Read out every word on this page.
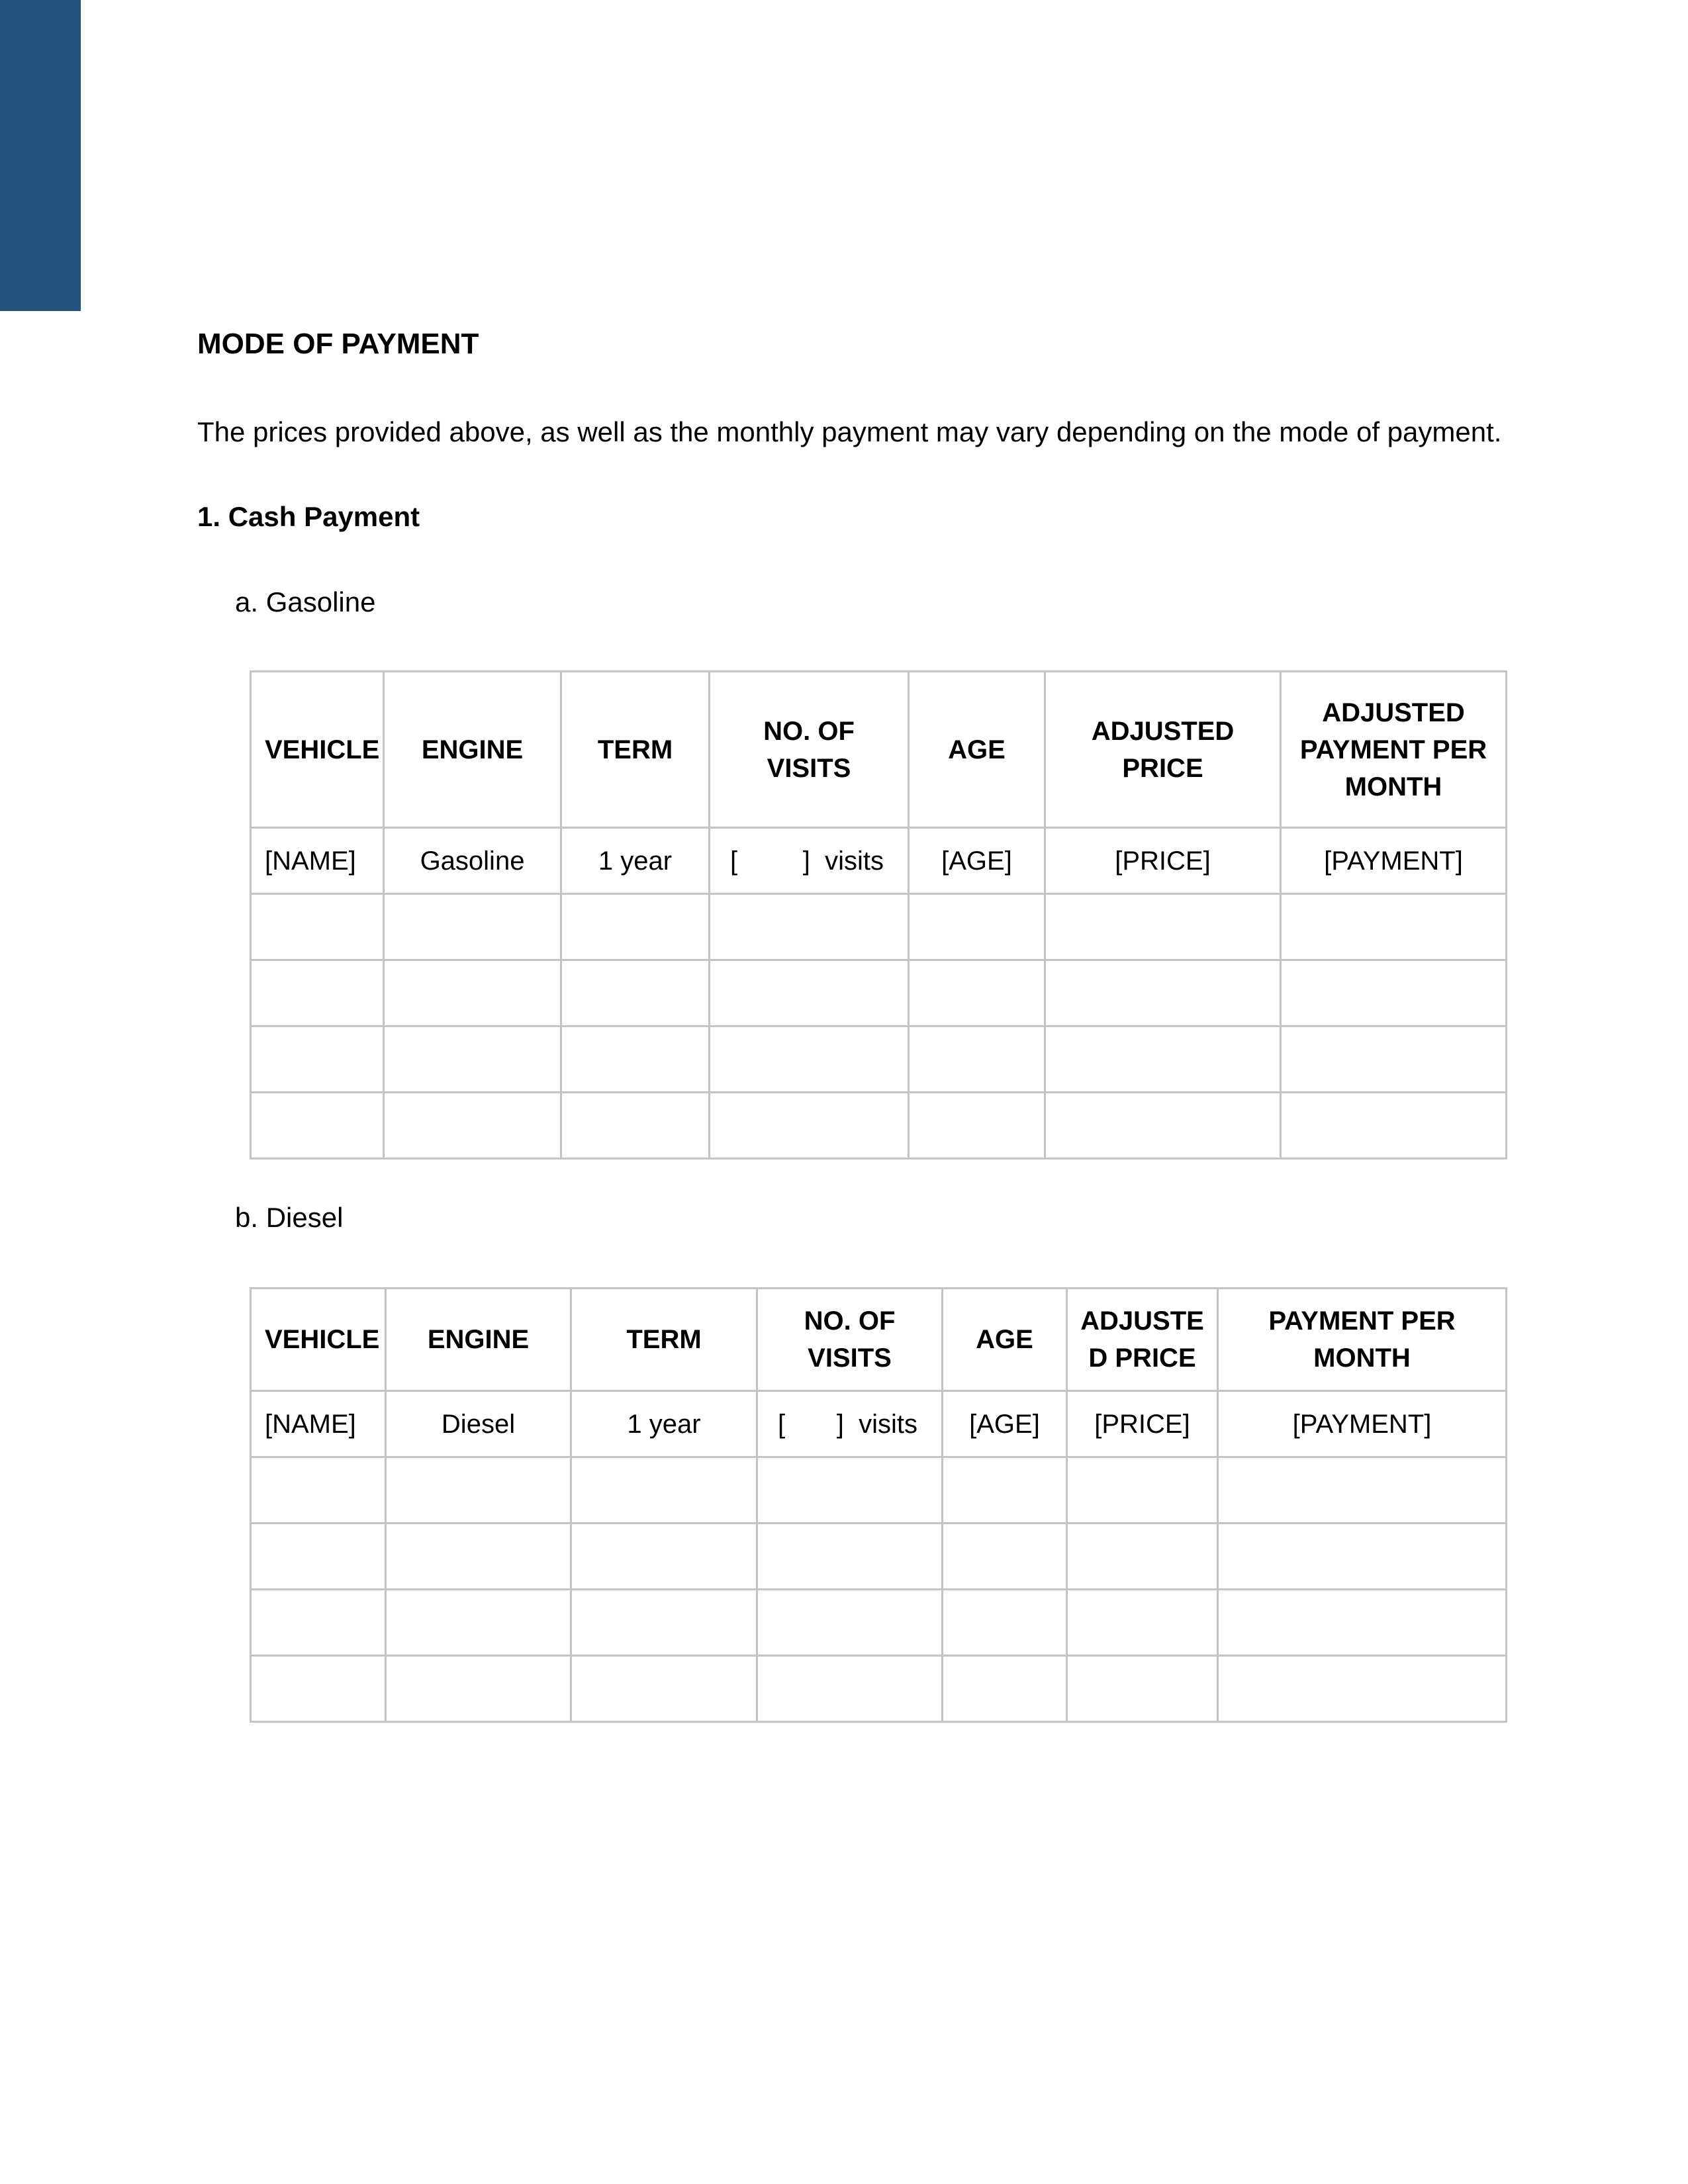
MODE OF PAYMENT

The prices provided above, as well as the monthly payment may vary depending on the mode of payment.

1. Cash Payment

a. Gasoline

VEHICLE	ENGINE	TERM	NO. OF VISITS	AGE	ADJUSTED PRICE	ADJUSTED PAYMENT PER MONTH
[NAME]	Gasoline	1 year	[ ]  visits	[AGE]	[PRICE]	[PAYMENT]

b. Diesel

VEHICLE	ENGINE	TERM	NO. OF VISITS	AGE	ADJUSTE D PRICE	PAYMENT PER MONTH
[NAME]	Diesel	1 year	[ ]  visits	[AGE]	[PRICE]	[PAYMENT]
